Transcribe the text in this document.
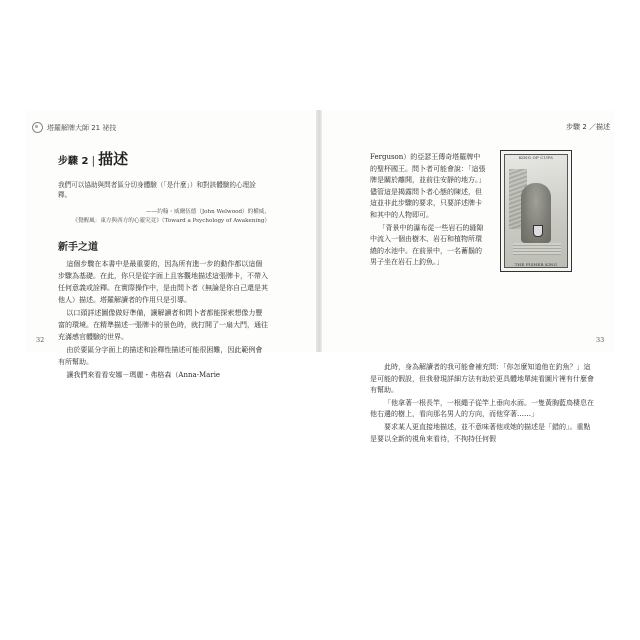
塔羅解牌大師 21 祕技	步驟 2 ／描述
步驟 2 | 描述
我們可以協助與問者區分切身體驗（「是什麼」）和對該體驗的心理詮釋。
——約翰・威爾伍德（John Welwood）的權威，
《覺醒風：東方與西方的心靈究竟》（Toward a Psychology of Awakening）
新手之道

這個步驟在本書中是最重要的，因為所有進一步的動作都以這個步驟為基礎。在此，你只是從字面上且客觀地描述這張牌卡，不帶入任何意義或詮釋。在實際操作中，是由問卜者（無論是你自己還是其他人）描述。塔羅解讀者的作用只是引導。

以口頭詳述圖像做好準備，讓解讀者和問卜者都能探索想像力豐富的環境。在精準描述一張牌卡的景色時，就打開了一扇大門，通往充滿感官體驗的世界。

由於要區分字面上的描述和詮釋性描述可能很困難，因此範例會有所幫助。

讓我們來看看安娜－瑪麗・弗格森（Anna-Marie

32	33

Ferguson）的亞瑟王傳奇塔羅牌中的聖杯國王。問卜者可能會說：「這張牌是關於離開，並前往安靜的地方。」儘管這是揭露問卜者心態的陳述，但這並非此步驟的要求，只要詳述牌卡和其中的人物即可。

「背景中的瀑布從一些岩石的縫隙中流入一個由樹木、岩石和植物所環繞的水池中。在前景中，一名蓄鬍的男子坐在岩石上釣魚。」

KING OF CUPS
THE FISHER KING

此時，身為解讀者的我可能會補充問：「你怎麼知道他在釣魚？」這是可能的假設，但我發現詳細方法有助於更具體地單純看圖片裡有什麼會有幫助。

「他拿著一根長竿，一根繩子從竿上垂向水面。一隻黃胸藍鳥棲息在他右邊的樹上，看向那名男人的方向，而他穿著……」

要求某人更直接地描述，並不意味著他或她的描述是「錯的」。重點是要以全新的視角來看待，不拘持任何假
